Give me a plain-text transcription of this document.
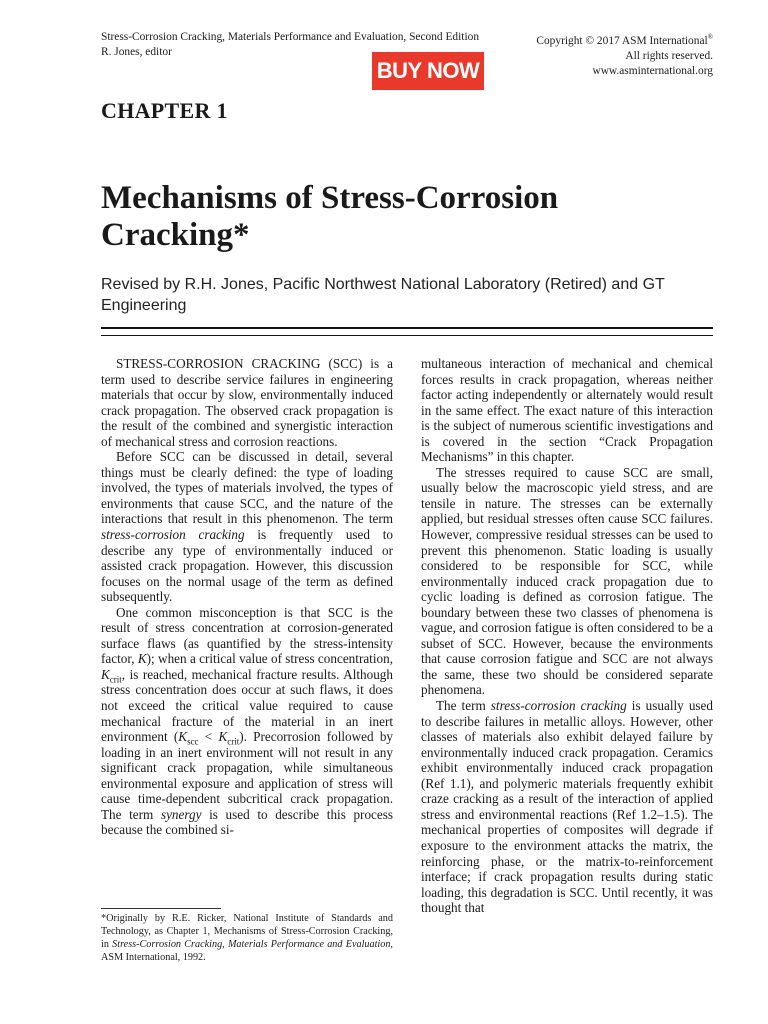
Stress-Corrosion Cracking, Materials Performance and Evaluation, Second Edition
R. Jones, editor
Copyright © 2017 ASM International®
All rights reserved.
www.asminternational.org
BUY NOW
CHAPTER 1
Mechanisms of Stress-Corrosion
Cracking*
Revised by R.H. Jones, Pacific Northwest National Laboratory (Retired) and GT Engineering

STRESS-CORROSION CRACKING (SCC) is a term used to describe service failures in engineering materials that occur by slow, environmentally induced crack propagation. The observed crack propagation is the result of the combined and synergistic interaction of mechanical stress and corrosion reactions.

Before SCC can be discussed in detail, several things must be clearly defined: the type of loading involved, the types of materials involved, the types of environments that cause SCC, and the nature of the interactions that result in this phenomenon. The term stress-corrosion cracking is frequently used to describe any type of environmentally induced or assisted crack propagation. However, this discussion focuses on the normal usage of the term as defined subsequently.

One common misconception is that SCC is the result of stress concentration at corrosion-generated surface flaws (as quantified by the stress-intensity factor, K); when a critical value of stress concentration, $K_{crit}$, is reached, mechanical fracture results. Although stress concentration does occur at such flaws, it does not exceed the critical value required to cause mechanical fracture of the material in an inert environment $(K_{scc} < K_{crit})$. Precorrosion followed by loading in an inert environment will not result in any significant crack propagation, while simultaneous environmental exposure and application of stress will cause time-dependent subcritical crack propagation. The term synergy is used to describe this process because the combined si-

multaneous interaction of mechanical and chemical forces results in crack propagation, whereas neither factor acting independently or alternately would result in the same effect. The exact nature of this interaction is the subject of numerous scientific investigations and is covered in the section “Crack Propagation Mechanisms” in this chapter.

The stresses required to cause SCC are small, usually below the macroscopic yield stress, and are tensile in nature. The stresses can be externally applied, but residual stresses often cause SCC failures. However, compressive residual stresses can be used to prevent this phenomenon. Static loading is usually considered to be responsible for SCC, while environmentally induced crack propagation due to cyclic loading is defined as corrosion fatigue. The boundary between these two classes of phenomena is vague, and corrosion fatigue is often considered to be a subset of SCC. However, because the environments that cause corrosion fatigue and SCC are not always the same, these two should be considered separate phenomena.

The term stress-corrosion cracking is usually used to describe failures in metallic alloys. However, other classes of materials also exhibit delayed failure by environmentally induced crack propagation. Ceramics exhibit environmentally induced crack propagation (Ref 1.1), and polymeric materials frequently exhibit craze cracking as a result of the interaction of applied stress and environmental reactions (Ref 1.2–1.5). The mechanical properties of composites will degrade if exposure to the environment attacks the matrix, the reinforcing phase, or the matrix-to-reinforcement interface; if crack propagation results during static loading, this degradation is SCC. Until recently, it was thought that

*Originally by R.E. Ricker, National Institute of Standards and Technology, as Chapter 1, Mechanisms of Stress-Corrosion Cracking, in Stress-Corrosion Cracking, Materials Performance and Evaluation, ASM International, 1992.
